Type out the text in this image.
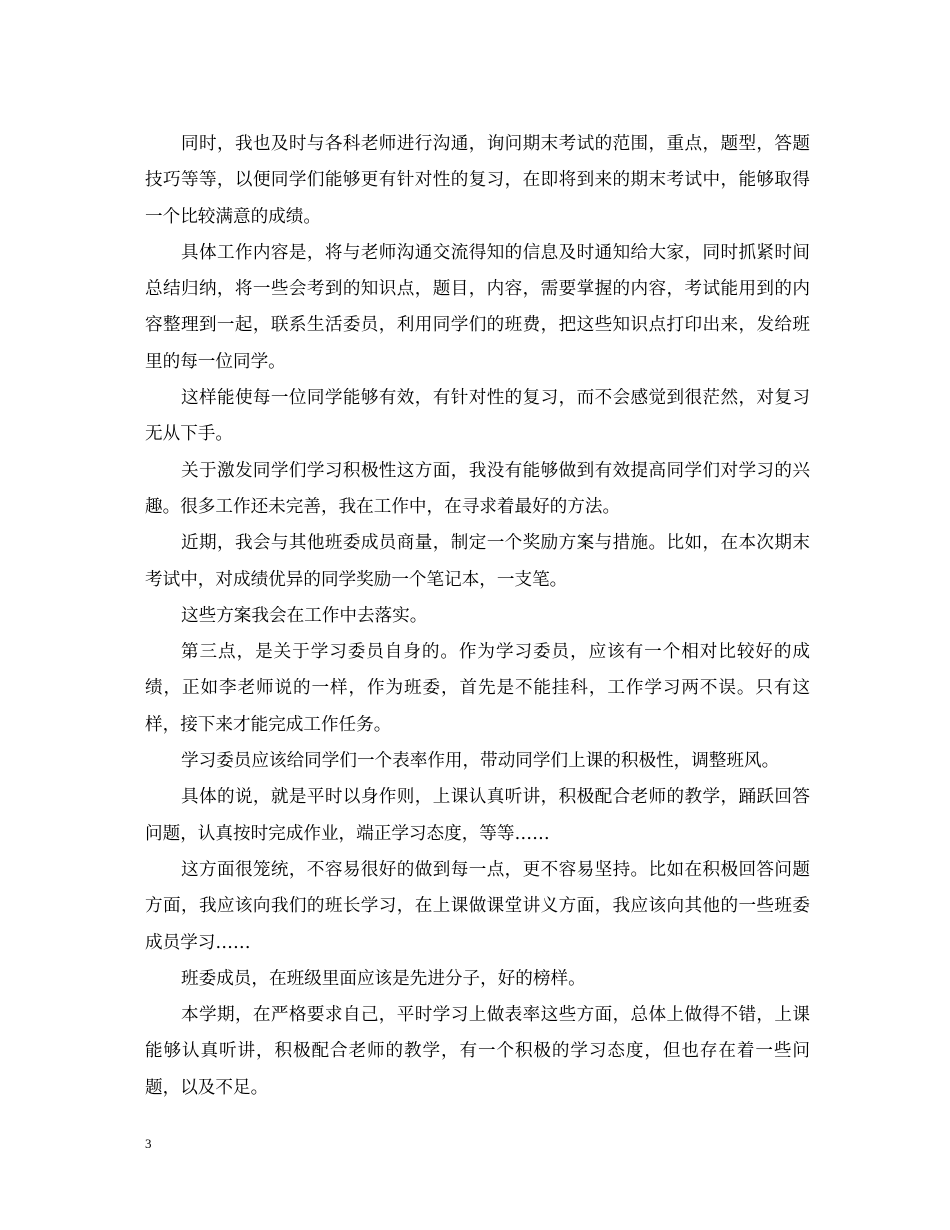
同时，我也及时与各科老师进行沟通，询问期末考试的范围，重点，题型，答题技巧等等，以便同学们能够更有针对性的复习，在即将到来的期末考试中，能够取得一个比较满意的成绩。

具体工作内容是，将与老师沟通交流得知的信息及时通知给大家，同时抓紧时间总结归纳，将一些会考到的知识点，题目，内容，需要掌握的内容，考试能用到的内容整理到一起，联系生活委员，利用同学们的班费，把这些知识点打印出来，发给班里的每一位同学。

这样能使每一位同学能够有效，有针对性的复习，而不会感觉到很茫然，对复习无从下手。

关于激发同学们学习积极性这方面，我没有能够做到有效提高同学们对学习的兴趣。很多工作还未完善，我在工作中，在寻求着最好的方法。

近期，我会与其他班委成员商量，制定一个奖励方案与措施。比如，在本次期末考试中，对成绩优异的同学奖励一个笔记本，一支笔。

这些方案我会在工作中去落实。

第三点，是关于学习委员自身的。作为学习委员，应该有一个相对比较好的成绩，正如李老师说的一样，作为班委，首先是不能挂科，工作学习两不误。只有这样，接下来才能完成工作任务。

学习委员应该给同学们一个表率作用，带动同学们上课的积极性，调整班风。

具体的说，就是平时以身作则，上课认真听讲，积极配合老师的教学，踊跃回答问题，认真按时完成作业，端正学习态度，等等……

这方面很笼统，不容易很好的做到每一点，更不容易坚持。比如在积极回答问题方面，我应该向我们的班长学习，在上课做课堂讲义方面，我应该向其他的一些班委成员学习……

班委成员，在班级里面应该是先进分子，好的榜样。

本学期，在严格要求自己，平时学习上做表率这些方面，总体上做得不错，上课能够认真听讲，积极配合老师的教学，有一个积极的学习态度，但也存在着一些问题，以及不足。

3
